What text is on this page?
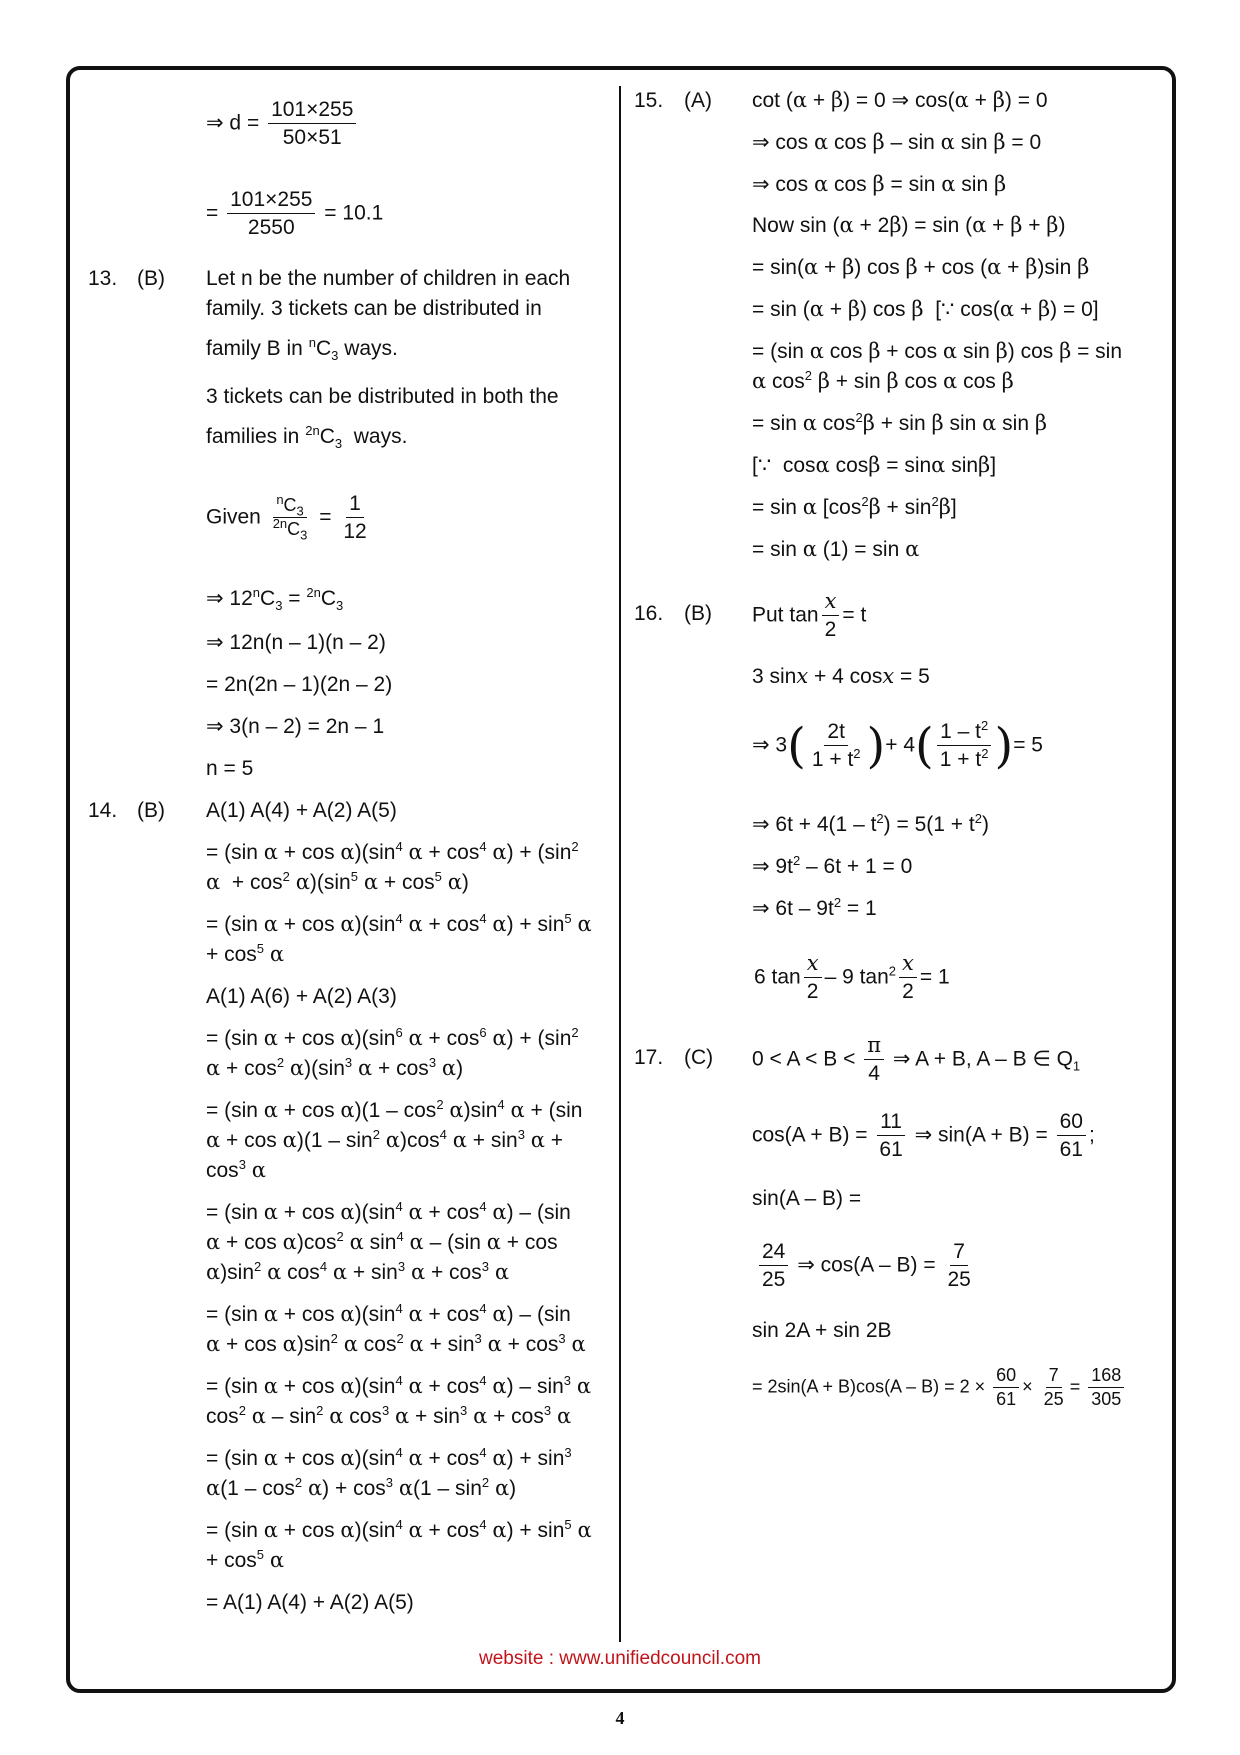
⇒ $d = \frac{101\times 255}{50\times 51}$
= $\frac{101\times 255}{2550} = 10.1$
13. (B) Let n be the number of children in each
family. 3 tickets can be distributed in
family B in $^nC_3$ ways.
3 tickets can be distributed in both the
families in $^{2n}C_3$ ways.
Given $\frac{^nC_3}{^{2n}C_3} = \frac{1}{12}$
⇒ $12^nC_3 = ^{2n}C_3$
⇒ 12n(n – 1)(n – 2)
= 2n(2n – 1)(2n – 2)
⇒ 3(n – 2) = 2n – 1
n = 5
14. (B) A(1) A(4) + A(2) A(5)
= (sin $\alpha + \cos \alpha)(\sin^4$ $\alpha + \cos^4 \alpha) + (\sin^2$
$\alpha + \cos^2 \alpha)(\sin^5$ $\alpha + \cos^5 \alpha$)
= (sin $\alpha + \cos \alpha)(\sin^4$ $\alpha + \cos^4 \alpha) + \sin^5 \alpha$
+ $\cos^5 \alpha$
A(1) A(6) + A(2) A(3)
= (sin $\alpha + \cos \alpha)(\sin^6$ $\alpha + \cos^6 \alpha) + (\sin^2$
$\alpha + \cos^2 \alpha)(\sin^3$ $\alpha + \cos^3 \alpha$)
= (sin $\alpha + \cos \alpha)(1 - \cos^2 \alpha)\sin^4$ α + (sin
$\alpha + \cos \alpha)(1 - \sin^2 \alpha)\cos^4$ $\alpha + \sin^3 \alpha$ +
$\cos^3 \alpha$
= (sin $\alpha + \cos \alpha)(\sin^4$ $\alpha + \cos^4 \alpha) - (\sin$
$\alpha + \cos \alpha)\cos^2$ α $\sin^4 \alpha - (\sin$ α + cos
$\alpha)\sin^2$ α $\cos^4 \alpha + \sin^3 \alpha + \cos^3 \alpha$
= (sin $\alpha + \cos \alpha)(\sin^4$ $\alpha + \cos^4 \alpha) - (\sin$
$\alpha + \cos \alpha)\sin^2$ α $\cos^2 \alpha + \sin^3 \alpha + \cos^3 \alpha$
= (sin $\alpha + \cos \alpha)(\sin^4$ $\alpha + \cos^4 \alpha) - \sin^3 \alpha$
$\cos^2 \alpha - \sin^2 \alpha$ $\cos^3 \alpha + \sin^3 \alpha + \cos^3 \alpha$
= (sin $\alpha + \cos \alpha)(\sin^4$ $\alpha + \cos^4 \alpha) + \sin^3$
$\alpha(1 - \cos^2 \alpha) + \cos^3 \alpha(1 - \sin^2 \alpha)$
= (sin $\alpha + \cos \alpha)(\sin^4$ $\alpha + \cos^4 \alpha) + \sin^5 \alpha$
+ $\cos^5 \alpha$
= A(1) A(4) + A(2) A(5)
15. (A) cot (α + β) = 0 ⇒ cos(α + β) = 0
⇒ cos α cos β – sin α sin β = 0
⇒ cos α cos β = sin α sin β
Now sin (α + 2β) = sin (α + β + β)
= sin(α + β) cos β + cos (α + β)sin β
= sin (α + β) cos β  [∵ cos(α + β) = 0]
= (sin α cos β + cos α sin β) cos β = sin
α $\cos^2 \beta + \sin \beta$ cos α cos β
= sin α $\cos^2\beta + \sin \beta$ sin α sin β
[∵  cosα cosβ = sinα sinβ]
= sin α $[\cos^2\beta + \sin^2\beta]$
= sin α (1) = sin α
16. (B) Put $\tan \frac{x}{2} = t$
3 sinx + 4 cosx = 5
⇒ $3( \frac{2t}{1 + t^2}$ )+ $4( \frac{1 - t^2}{1 + t^2}$ )= 5
⇒ $6t + 4(1 - t^2) = 5(1 + t^2)$
⇒ $9t^2 - 6t + 1 = 0$
⇒ $6t - 9t^2 = 1$
6 $\tan \frac{x}{2} - 9$ $\tan^2 \frac{x}{2} = 1$
17. (C) $0 < A < B < \frac{\pi}{4}$ ⇒ A + B, A – B ∈ $Q_1$
$\cos(A + B) = \frac{11}{61}$ ⇒ $\sin(A + B) = \frac{60}{61}$ ;
sin(A – B) =
$\frac{24}{25}$ ⇒ $\cos(A - B) = \frac{7}{25}$
sin 2A + sin 2B
= $2\sin(A + B)\cos(A - B) = 2 \times \frac{60}{61} \times \frac{7}{25} = \frac{168}{305}$
website : www.unifiedcouncil.com
4
